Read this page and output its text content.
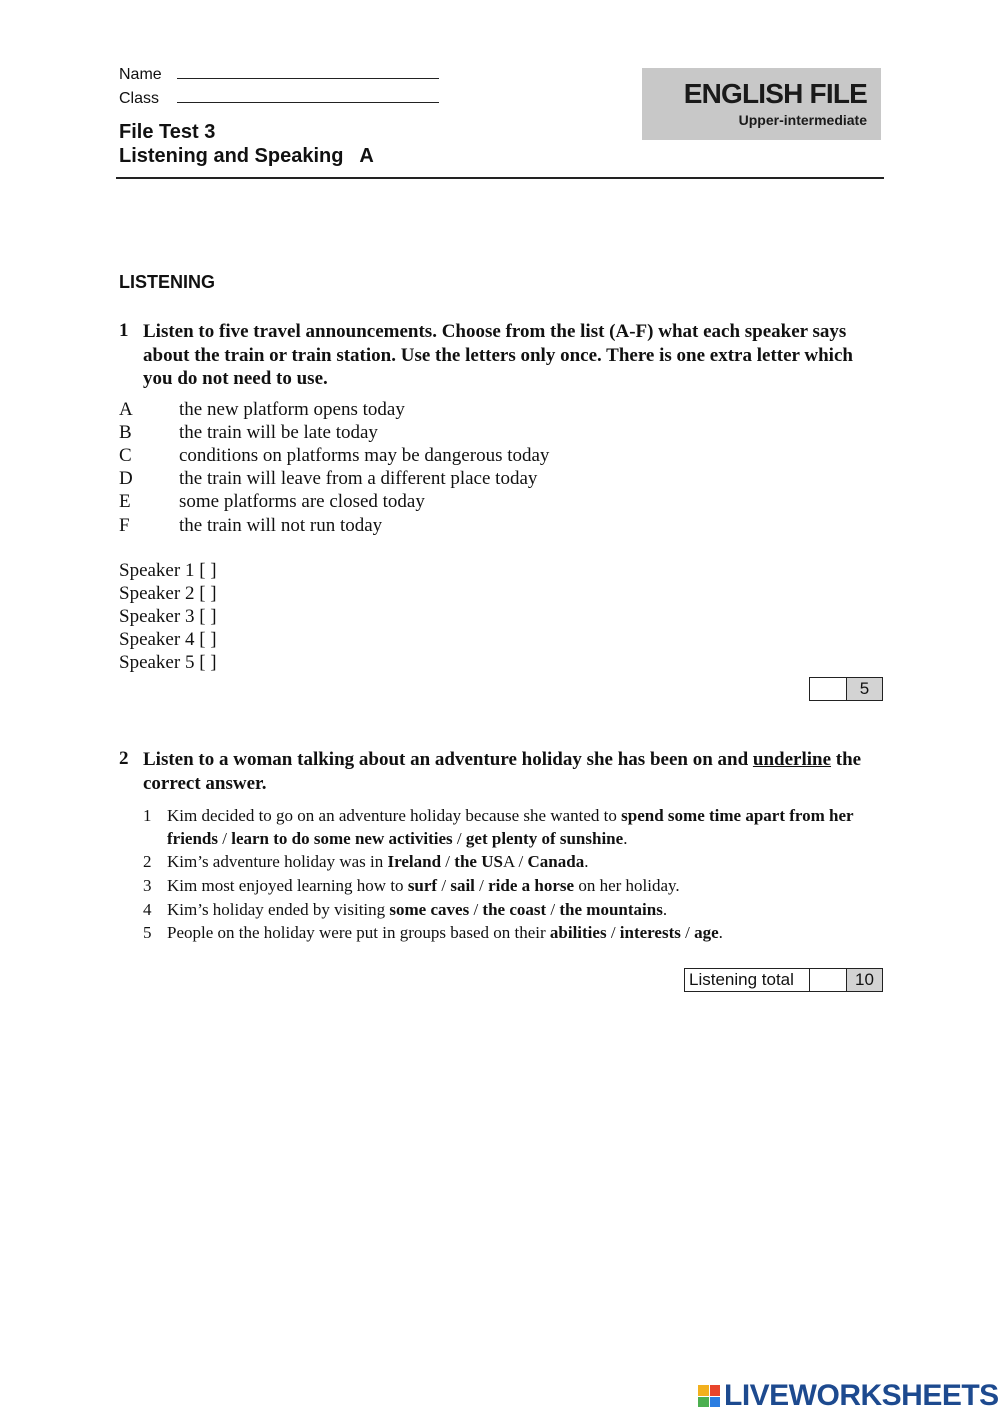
Name
Class
File Test 3
Listening and Speaking   A
ENGLISH FILE
Upper-intermediate
LISTENING
1 Listen to five travel announcements. Choose from the list (A-F) what each speaker says about the train or train station. Use the letters only once. There is one extra letter which you do not need to use.
A the new platform opens today
B the train will be late today
C conditions on platforms may be dangerous today
D the train will leave from a different place today
E	some platforms are closed today
F	the train will not run today
Speaker 1 [ ]
Speaker 2 [ ]
Speaker 3 [ ]
Speaker 4 [ ]
Speaker 5 [ ]
5
2 Listen to a woman talking about an adventure holiday she has been on and underline the correct answer.
1 Kim decided to go on an adventure holiday because she wanted to spend some time apart from her friends / learn to do some new activities / get plenty of sunshine.
2 Kim’s adventure holiday was in Ireland / the USA / Canada.
3 Kim most enjoyed learning how to surf / sail / ride a horse on her holiday.
4 Kim’s holiday ended by visiting some caves / the coast / the mountains.
5 People on the holiday were put in groups based on their abilities / interests / age.
Listening total	10
LIVEWORKSHEETS
